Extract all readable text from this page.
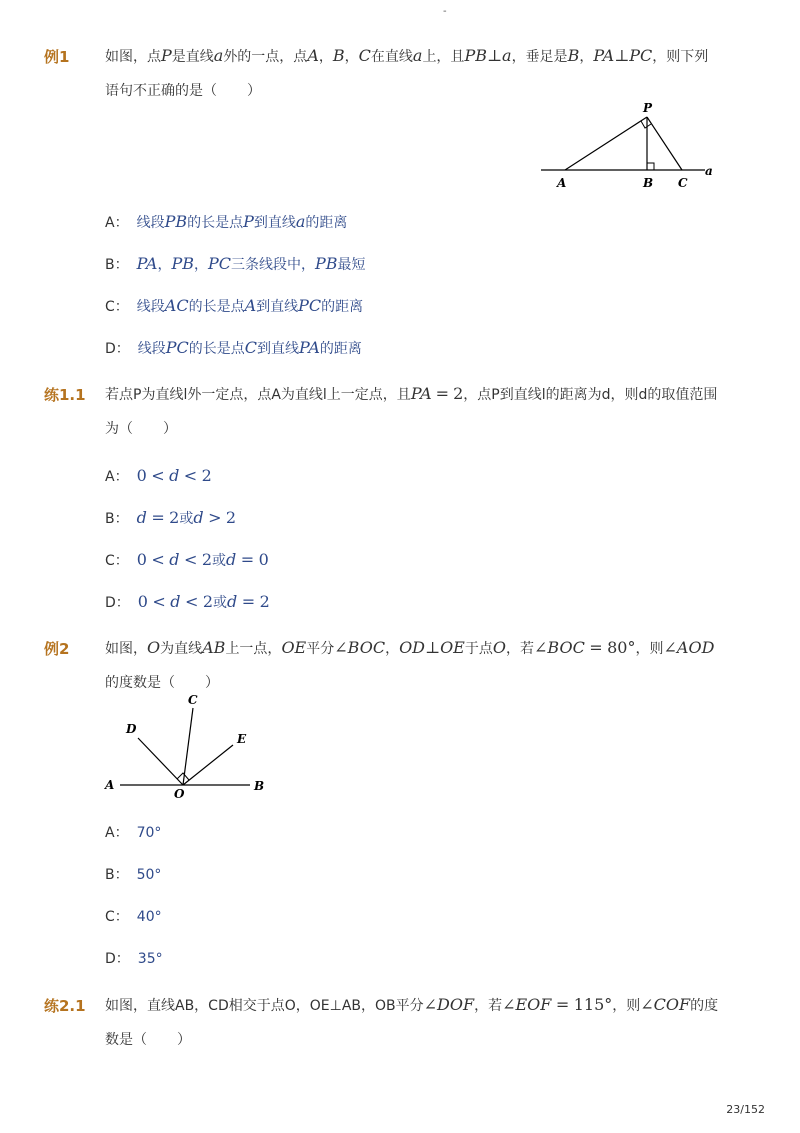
-
例1	如图，点P是直线a外的一点，点A，B，C在直线a上，且PB⊥a，垂足是B，PA⊥PC，则下列语句不正确的是（ ）
P
A	B C
a
A： 线段PB的长是点P到直线a的距离
B： PA，PB，PC三条线段中，PB最短
C： 线段AC的长是点A到直线PC的距离
D： 线段PC的长是点C到直线PA的距离
练1.1 若点P为直线l外一定点，点A为直线l上一定点，且PA = 2，点P到直线l的距离为d，则d的取值范围为（ ）
A： 0 < d < 2
B： d = 2或d > 2
C： 0 < d < 2或d = 0
D： 0 < d < 2或d = 2
例2	如图，O为直线AB上一点，OE平分∠BOC，OD⊥OE于点O，若∠BOC = 80°，则∠AOD的度数是（ ）
C
D
E
A
O
B
A： 70°
B： 50°
C： 40°
D： 35°
练2.1 如图，直线AB，CD相交于点O，OE⊥AB，OB平分∠DOF，若∠EOF = 115°，则∠COF的度数是（ ）
23/152
